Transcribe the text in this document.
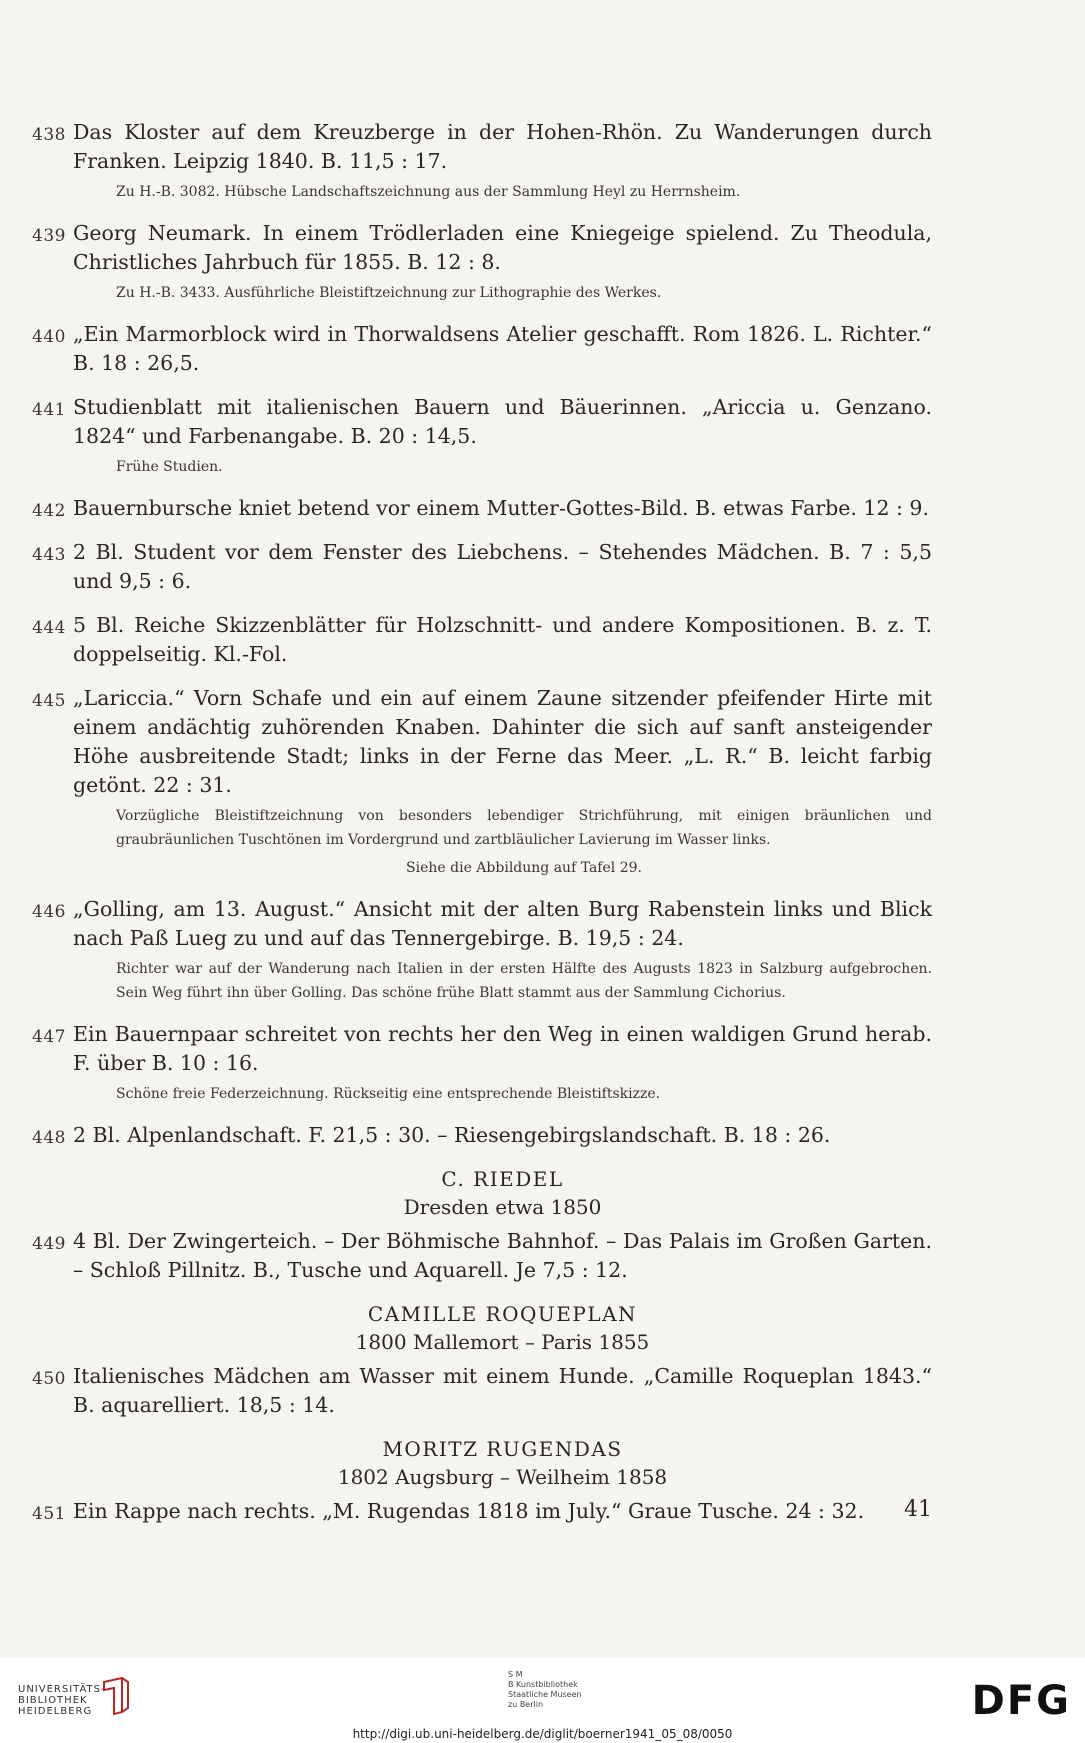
438 Das Kloster auf dem Kreuzberge in der Hohen-Rhön. Zu Wanderungen durch Franken. Leipzig 1840. B. 11,5 : 17.
Zu H.-B. 3082. Hübsche Landschaftszeichnung aus der Sammlung Heyl zu Herrnsheim.
439 Georg Neumark. In einem Trödlerladen eine Kniegeige spielend. Zu Theodula, Christliches Jahrbuch für 1855. B. 12 : 8.
Zu H.-B. 3433. Ausführliche Bleistiftzeichnung zur Lithographie des Werkes.
440 „Ein Marmorblock wird in Thorwaldsens Atelier geschafft. Rom 1826. L. Richter.“ B. 18 : 26,5.
441 Studienblatt mit italienischen Bauern und Bäuerinnen. „Ariccia u. Genzano. 1824“ und Farbenangabe. B. 20 : 14,5.
Frühe Studien.
442 Bauernbursche kniet betend vor einem Mutter-Gottes-Bild. B. etwas Farbe. 12 : 9.
443 2 Bl. Student vor dem Fenster des Liebchens. – Stehendes Mädchen. B. 7 : 5,5 und 9,5 : 6.
444 5 Bl. Reiche Skizzenblätter für Holzschnitt- und andere Kompositionen. B. z. T. doppelseitig. Kl.-Fol.
445 „Lariccia.“ Vorn Schafe und ein auf einem Zaune sitzender pfeifender Hirte mit einem andächtig zuhörenden Knaben. Dahinter die sich auf sanft ansteigender Höhe ausbreitende Stadt; links in der Ferne das Meer. „L. R.“ B. leicht farbig getönt. 22 : 31.
Vorzügliche Bleistiftzeichnung von besonders lebendiger Strichführung, mit einigen bräunlichen und graubräunlichen Tuschtönen im Vordergrund und zartbläulicher Lavierung im Wasser links.
Siehe die Abbildung auf Tafel 29.
446 „Golling, am 13. August.“ Ansicht mit der alten Burg Rabenstein links und Blick nach Paß Lueg zu und auf das Tennergebirge. B. 19,5 : 24.
Richter war auf der Wanderung nach Italien in der ersten Hälfte des Augusts 1823 in Salzburg aufgebrochen. Sein Weg führt ihn über Golling. Das schöne frühe Blatt stammt aus der Sammlung Cichorius.
447 Ein Bauernpaar schreitet von rechts her den Weg in einen waldigen Grund herab. F. über B. 10 : 16.
Schöne freie Federzeichnung. Rückseitig eine entsprechende Bleistiftskizze.
448 2 Bl. Alpenlandschaft. F. 21,5 : 30. – Riesengebirgslandschaft. B. 18 : 26.
C. RIEDEL
Dresden etwa 1850
449 4 Bl. Der Zwingerteich. – Der Böhmische Bahnhof. – Das Palais im Großen Garten. – Schloß Pillnitz. B., Tusche und Aquarell. Je 7,5 : 12.
CAMILLE ROQUEPLAN
1800 Mallemort – Paris 1855
450 Italienisches Mädchen am Wasser mit einem Hunde. „Camille Roqueplan 1843.“ B. aquarelliert. 18,5 : 14.
MORITZ RUGENDAS
1802 Augsburg – Weilheim 1858
451 Ein Rappe nach rechts. „M. Rugendas 1818 im July.“ Graue Tusche. 24 : 32.	41
UNIVERSITÄTS-
BIBLIOTHEK
HEIDELBERG
S M
B Kunstbibliothek
Staatliche Museen
zu Berlin	DFG
http://digi.ub.uni-heidelberg.de/diglit/boerner1941_05_08/0050
